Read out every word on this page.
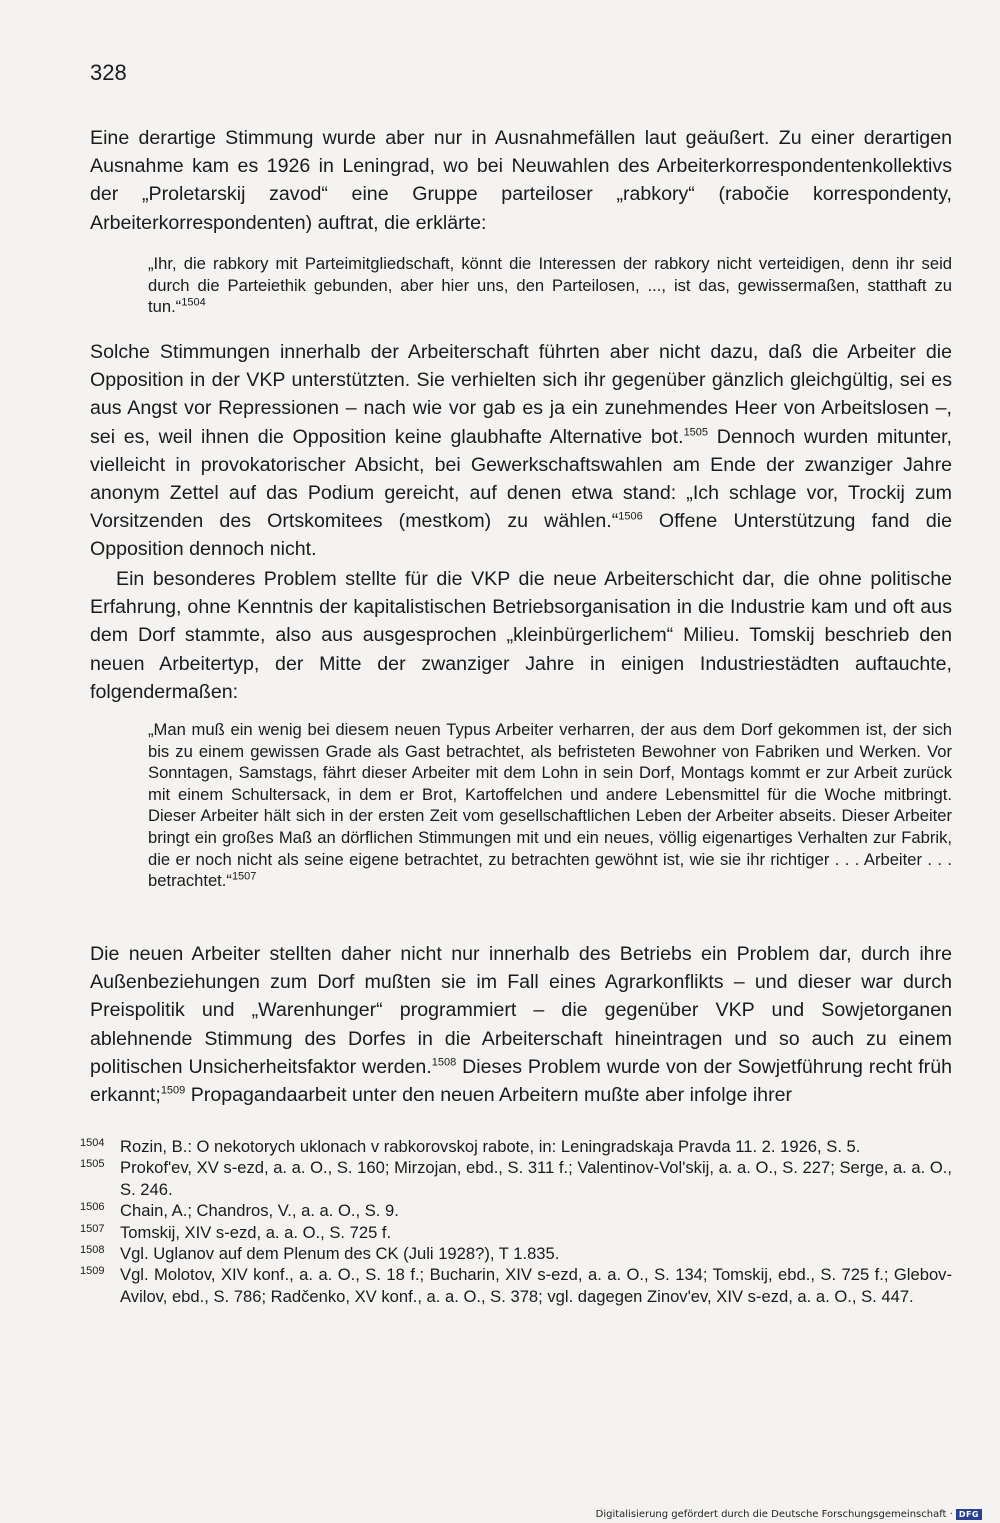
328

Eine derartige Stimmung wurde aber nur in Ausnahmefällen laut geäußert. Zu einer derartigen Ausnahme kam es 1926 in Leningrad, wo bei Neuwahlen des Arbeiterkorrespondentenkollektivs der „Proletarskij zavod“ eine Gruppe parteiloser „rabkory“ (rabočie korrespondenty, Arbeiterkorrespondenten) auftrat, die erklärte:

„Ihr, die rabkory mit Parteimitgliedschaft, könnt die Interessen der rabkory nicht verteidigen, denn ihr seid durch die Parteiethik gebunden, aber hier uns, den Parteilosen, ..., ist das, gewissermaßen, statthaft zu tun.“$^{1504}$

Solche Stimmungen innerhalb der Arbeiterschaft führten aber nicht dazu, daß die Arbeiter die Opposition in der VKP unterstützten. Sie verhielten sich ihr gegenüber gänzlich gleichgültig, sei es aus Angst vor Repressionen – nach wie vor gab es ja ein zunehmendes Heer von Arbeitslosen –, sei es, weil ihnen die Opposition keine glaubhafte Alternative bot.$^{1505}$ Dennoch wurden mitunter, vielleicht in provokatorischer Absicht, bei Gewerkschaftswahlen am Ende der zwanziger Jahre anonym Zettel auf das Podium gereicht, auf denen etwa stand: „Ich schlage vor, Trockij zum Vorsitzenden des Ortskomitees (mestkom) zu wählen.“$^{1506}$ Offene Unterstützung fand die Opposition dennoch nicht.

Ein besonderes Problem stellte für die VKP die neue Arbeiterschicht dar, die ohne politische Erfahrung, ohne Kenntnis der kapitalistischen Betriebsorganisation in die Industrie kam und oft aus dem Dorf stammte, also aus ausgesprochen „kleinbürgerlichem“ Milieu. Tomskij beschrieb den neuen Arbeitertyp, der Mitte der zwanziger Jahre in einigen Industriestädten auftauchte, folgendermaßen:

„Man muß ein wenig bei diesem neuen Typus Arbeiter verharren, der aus dem Dorf gekommen ist, der sich bis zu einem gewissen Grade als Gast betrachtet, als befristeten Bewohner von Fabriken und Werken. Vor Sonntagen, Samstags, fährt dieser Arbeiter mit dem Lohn in sein Dorf, Montags kommt er zur Arbeit zurück mit einem Schultersack, in dem er Brot, Kartoffelchen und andere Lebensmittel für die Woche mitbringt. Dieser Arbeiter hält sich in der ersten Zeit vom gesellschaftlichen Leben der Arbeiter abseits. Dieser Arbeiter bringt ein großes Maß an dörflichen Stimmungen mit und ein neues, völlig eigenartiges Verhalten zur Fabrik, die er noch nicht als seine eigene betrachtet, zu betrachten gewöhnt ist, wie sie ihr richtiger . . . Arbeiter . . . betrachtet.“$^{1507}$

Die neuen Arbeiter stellten daher nicht nur innerhalb des Betriebs ein Problem dar, durch ihre Außenbeziehungen zum Dorf mußten sie im Fall eines Agrarkonflikts – und dieser war durch Preispolitik und „Warenhunger“ programmiert – die gegenüber VKP und Sowjetorganen ablehnende Stimmung des Dorfes in die Arbeiterschaft hineintragen und so auch zu einem politischen Unsicherheitsfaktor werden.$^{1508}$ Dieses Problem wurde von der Sowjetführung recht früh erkannt;$^{1509}$ Propagandaarbeit unter den neuen Arbeitern mußte aber infolge ihrer

1504 Rozin, B.: O nekotorych uklonach v rabkorovskoj rabote, in: Leningradskaja Pravda 11. 2. 1926, S. 5.
1505 Prokof'ev, XV s-ezd, a. a. O., S. 160; Mirzojan, ebd., S. 311 f.; Valentinov-Vol'skij, a. a. O., S. 227; Serge, a. a. O., S. 246.
1506 Chain, A.; Chandros, V., a. a. O., S. 9.
1507 Tomskij, XIV s-ezd, a. a. O., S. 725 f.
1508 Vgl. Uglanov auf dem Plenum des CK (Juli 1928?), T 1.835.
1509 Vgl. Molotov, XIV konf., a. a. O., S. 18 f.; Bucharin, XIV s-ezd, a. a. O., S. 134; Tomskij, ebd., S. 725 f.; Glebov-Avilov, ebd., S. 786; Radčenko, XV konf., a. a. O., S. 378; vgl. dagegen Zinov'ev, XIV s-ezd, a. a. O., S. 447.
Digitalisierung gefördert durch die Deutsche Forschungsgemeinschaft · DFG
